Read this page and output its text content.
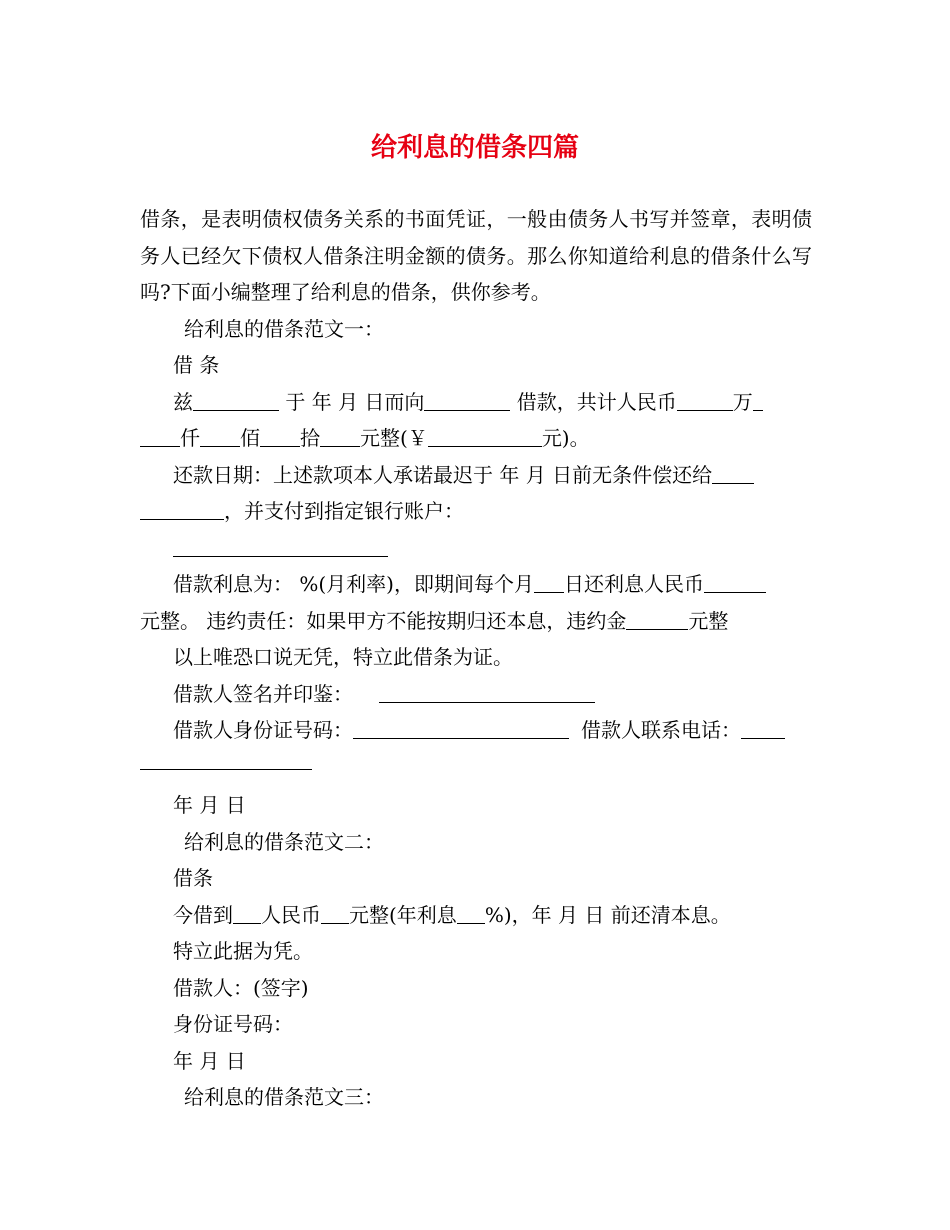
给利息的借条四篇

借条，是表明债权债务关系的书面凭证，一般由债务人书写并签章，表明债务人已经欠下债权人借条注明金额的债务。那么你知道给利息的借条什么写吗?下面小编整理了给利息的借条，供你参考。

给利息的借条范文一：

借 条

兹	于 年 月 日而向	借款，共计人民币	万

仟 佰 拾 元整(￥	元)。

还款日期：上述款项本人承诺最迟于 年 月 日前无条件偿还给

，并支付到指定银行账户：

借款利息为： %(月利率)，即期间每个月 日还利息人民币

元整。 违约责任：如果甲方不能按期归还本息，违约金	元整

以上唯恐口说无凭，特立此借条为证。

借款人签名并印鉴：

借款人身份证号码：	借款人联系电话：

年 月 日

给利息的借条范文二：

借条

今借到 人民币 元整(年利息 %)，年 月 日 前还清本息。

特立此据为凭。

借款人：(签字)

身份证号码：

年 月 日

给利息的借条范文三：
